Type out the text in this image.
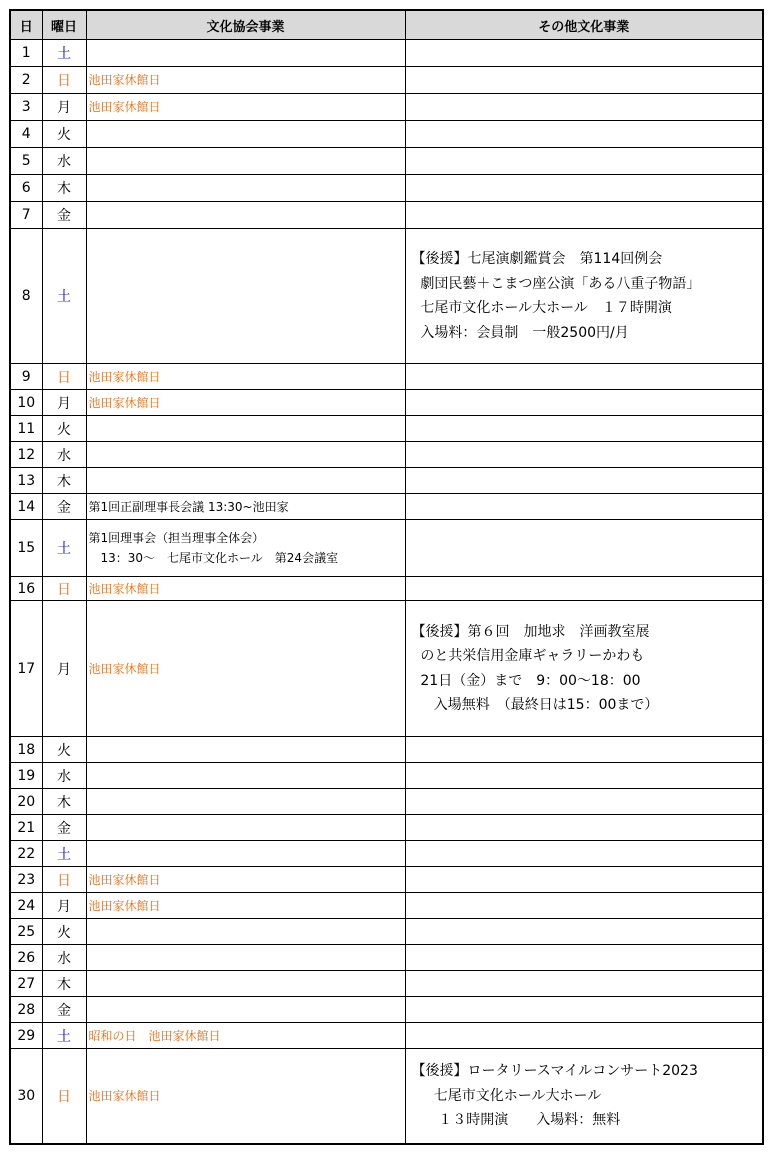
日	曜日	文化協会事業	その他文化事業
1	土		
2	日	池田家休館日	

3	月	池田家休館日	

4	火		
5	水		
6	木		
7	金		
8	土		【後援】七尾演劇鑑賞会　第114回例会
劇団民藝＋こまつ座公演「ある八重子物語」
七尾市文化ホール大ホール　１７時開演
入場料：会員制　一般2500円/月

9	日	池田家休館日	

10	月	池田家休館日	

11	火		
12	水		
13	木		
14	金	第1回正副理事長会議 13:30~池田家	

15	土	第1回理事会（担当理事全体会）
　13：30～　七尾市文化ホール　第24会議室	

16	日	池田家休館日	

17	月	池田家休館日	【後援】第６回　加地求　洋画教室展
のと共栄信用金庫ギャラリーかわも
21日（金）まで　9：00～18：00
入場無料　（最終日は15：00まで）

18	火		
19	水		
20	木		
21	金		
22	土		
23	日	池田家休館日	

24	月	池田家休館日	

25	火		
26	水		
27	木		
28	金		
29	土	昭和の日　池田家休館日	

30	日	池田家休館日	【後援】ロータリースマイルコンサート2023
七尾市文化ホール大ホール
１３時開演　　入場料：無料
